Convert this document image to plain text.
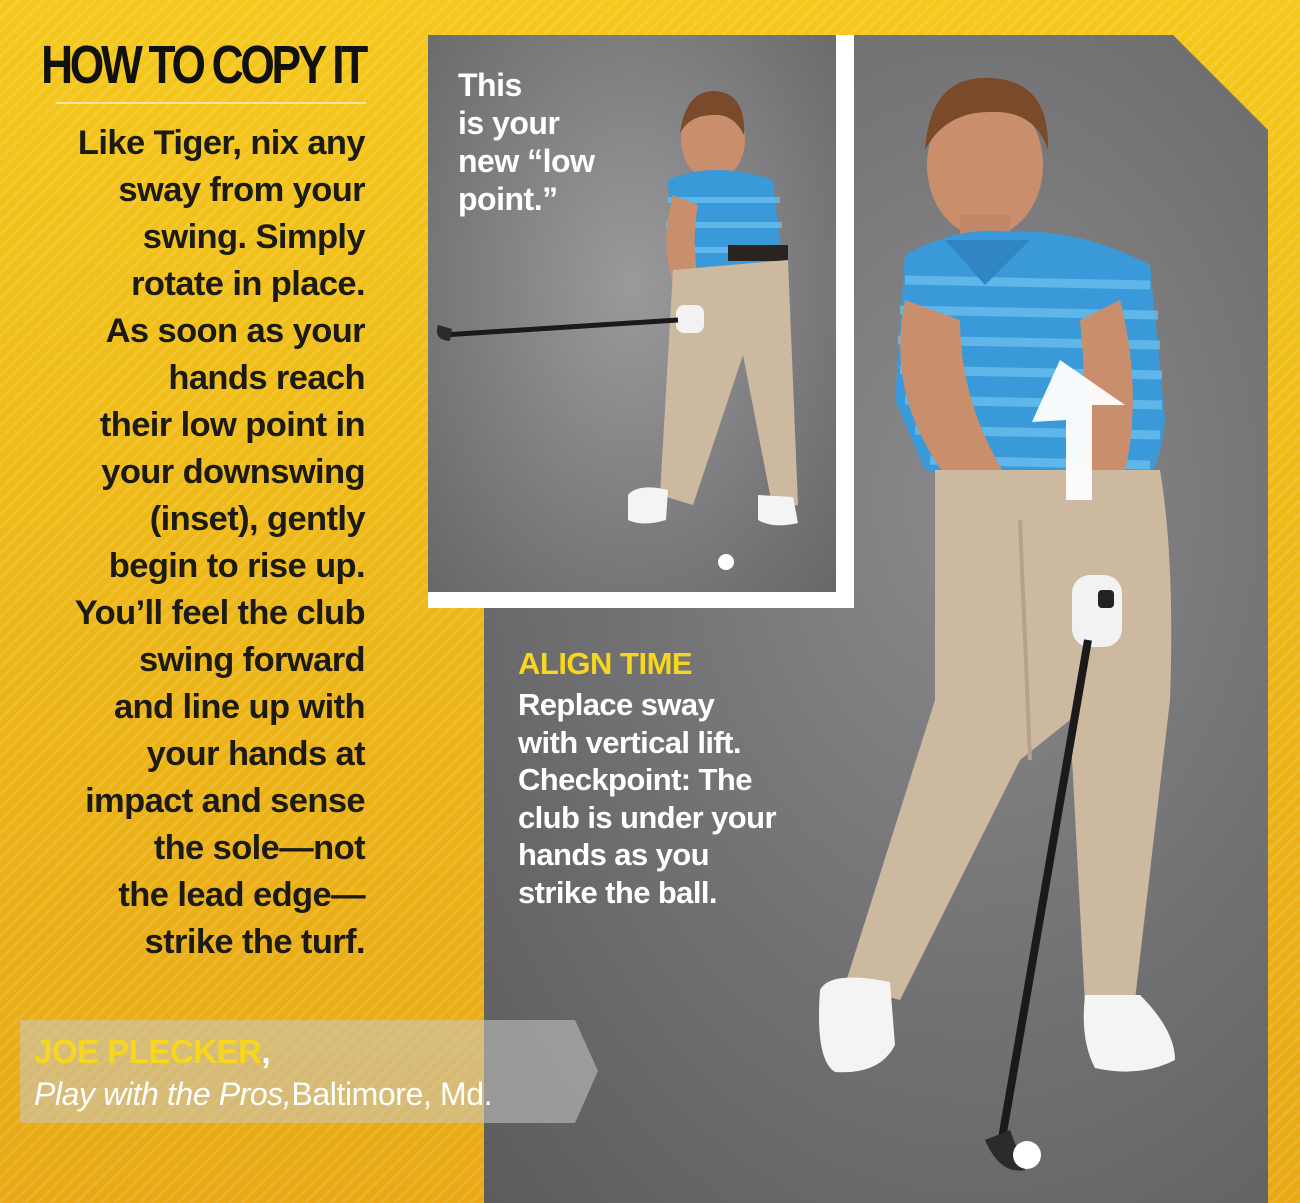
This
is your
new “low
point.”
HOW TO COPY IT
Like Tiger, nix any
sway from your
swing. Simply
rotate in place.
As soon as your
hands reach
their low point in
your downswing
(inset), gently
begin to rise up.
You’ll feel the club
swing forward
and line up with
your hands at
impact and sense
the sole—not
the lead edge—
strike the turf.
ALIGN TIME
Replace sway
with vertical lift.
Checkpoint: The
club is under your
hands as you
strike the ball.
JOE PLECKER,
Play with the Pros,Baltimore, Md.
